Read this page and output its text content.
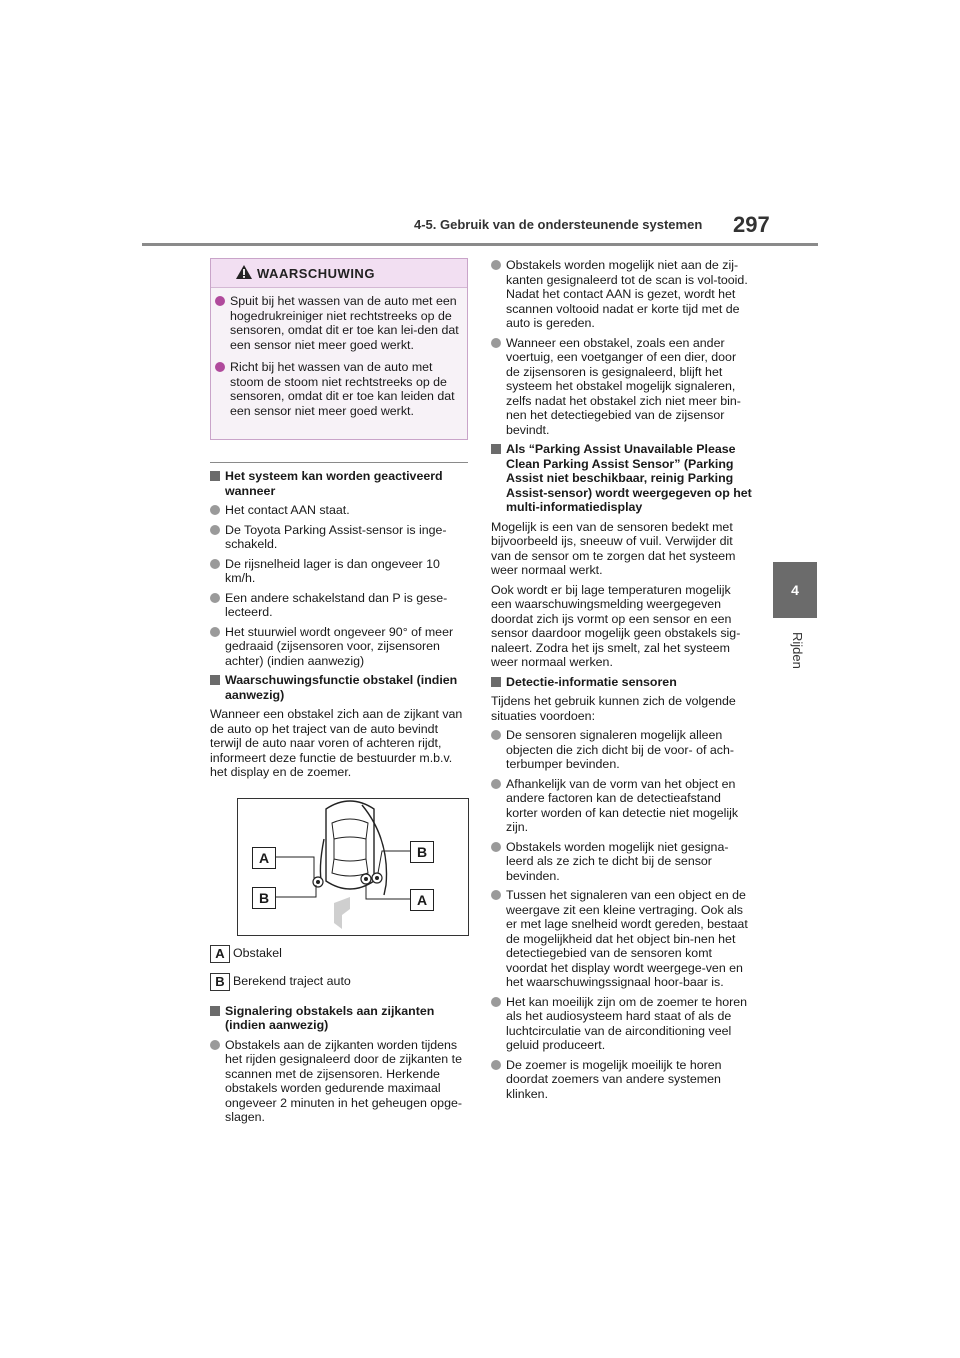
4-5. Gebruik van de ondersteunende systemen 297
4
Rijden
WAARSCHUWING
Spuit bij het wassen van de auto met een hogedrukreiniger niet rechtstreeks op de sensoren, omdat dit er toe kan lei-den dat een sensor niet meer goed werkt.
Richt bij het wassen van de auto met stoom de stoom niet rechtstreeks op de sensoren, omdat dit er toe kan leiden dat een sensor niet meer goed werkt.
Het systeem kan worden geactiveerd wanneer
Het contact AAN staat.
De Toyota Parking Assist-sensor is inge-schakeld.
De rijsnelheid lager is dan ongeveer 10 km/h.
Een andere schakelstand dan P is gese-lecteerd.
Het stuurwiel wordt ongeveer 90° of meer gedraaid (zijsensoren voor, zijsensoren achter) (indien aanwezig)
Waarschuwingsfunctie obstakel (indien aanwezig)
Wanneer een obstakel zich aan de zijkant van de auto op het traject van de auto bevindt terwijl de auto naar voren of achteren rijdt, informeert deze functie de bestuurder m.b.v. het display en de zoemer.
A
B
B
A
A Obstakel
B Berekend traject auto
Signalering obstakels aan zijkanten (indien aanwezig)
Obstakels aan de zijkanten worden tijdens het rijden gesignaleerd door de zijkanten te scannen met de zijsensoren. Herkende obstakels worden gedurende maximaal ongeveer 2 minuten in het geheugen opge-slagen.
Obstakels worden mogelijk niet aan de zij-kanten gesignaleerd tot de scan is vol-tooid. Nadat het contact AAN is gezet, wordt het scannen voltooid nadat er korte tijd met de auto is gereden.
Wanneer een obstakel, zoals een ander voertuig, een voetganger of een dier, door de zijsensoren is gesignaleerd, blijft het systeem het obstakel mogelijk signaleren, zelfs nadat het obstakel zich niet meer bin-nen het detectiegebied van de zijsensor bevindt.
Als “Parking Assist Unavailable Please Clean Parking Assist Sensor” (Parking Assist niet beschikbaar, reinig Parking Assist-sensor) wordt weergegeven op het multi-informatiedisplay
Mogelijk is een van de sensoren bedekt met bijvoorbeeld ijs, sneeuw of vuil. Verwijder dit van de sensor om te zorgen dat het systeem weer normaal werkt.
Ook wordt er bij lage temperaturen mogelijk een waarschuwingsmelding weergegeven doordat zich ijs vormt op een sensor en een sensor daardoor mogelijk geen obstakels sig-naleert. Zodra het ijs smelt, zal het systeem weer normaal werken.
Detectie-informatie sensoren
Tijdens het gebruik kunnen zich de volgende situaties voordoen:
De sensoren signaleren mogelijk alleen objecten die zich dicht bij de voor- of ach-terbumper bevinden.
Afhankelijk van de vorm van het object en andere factoren kan de detectieafstand korter worden of kan detectie niet mogelijk zijn.
Obstakels worden mogelijk niet gesigna-leerd als ze zich te dicht bij de sensor bevinden.
Tussen het signaleren van een object en de weergave zit een kleine vertraging. Ook als er met lage snelheid wordt gereden, bestaat de mogelijkheid dat het object bin-nen het detectiegebied van de sensoren komt voordat het display wordt weergege-ven en het waarschuwingssignaal hoor-baar is.
Het kan moeilijk zijn om de zoemer te horen als het audiosysteem hard staat of als de luchtcirculatie van de airconditioning veel geluid produceert.
De zoemer is mogelijk moeilijk te horen doordat zoemers van andere systemen klinken.
